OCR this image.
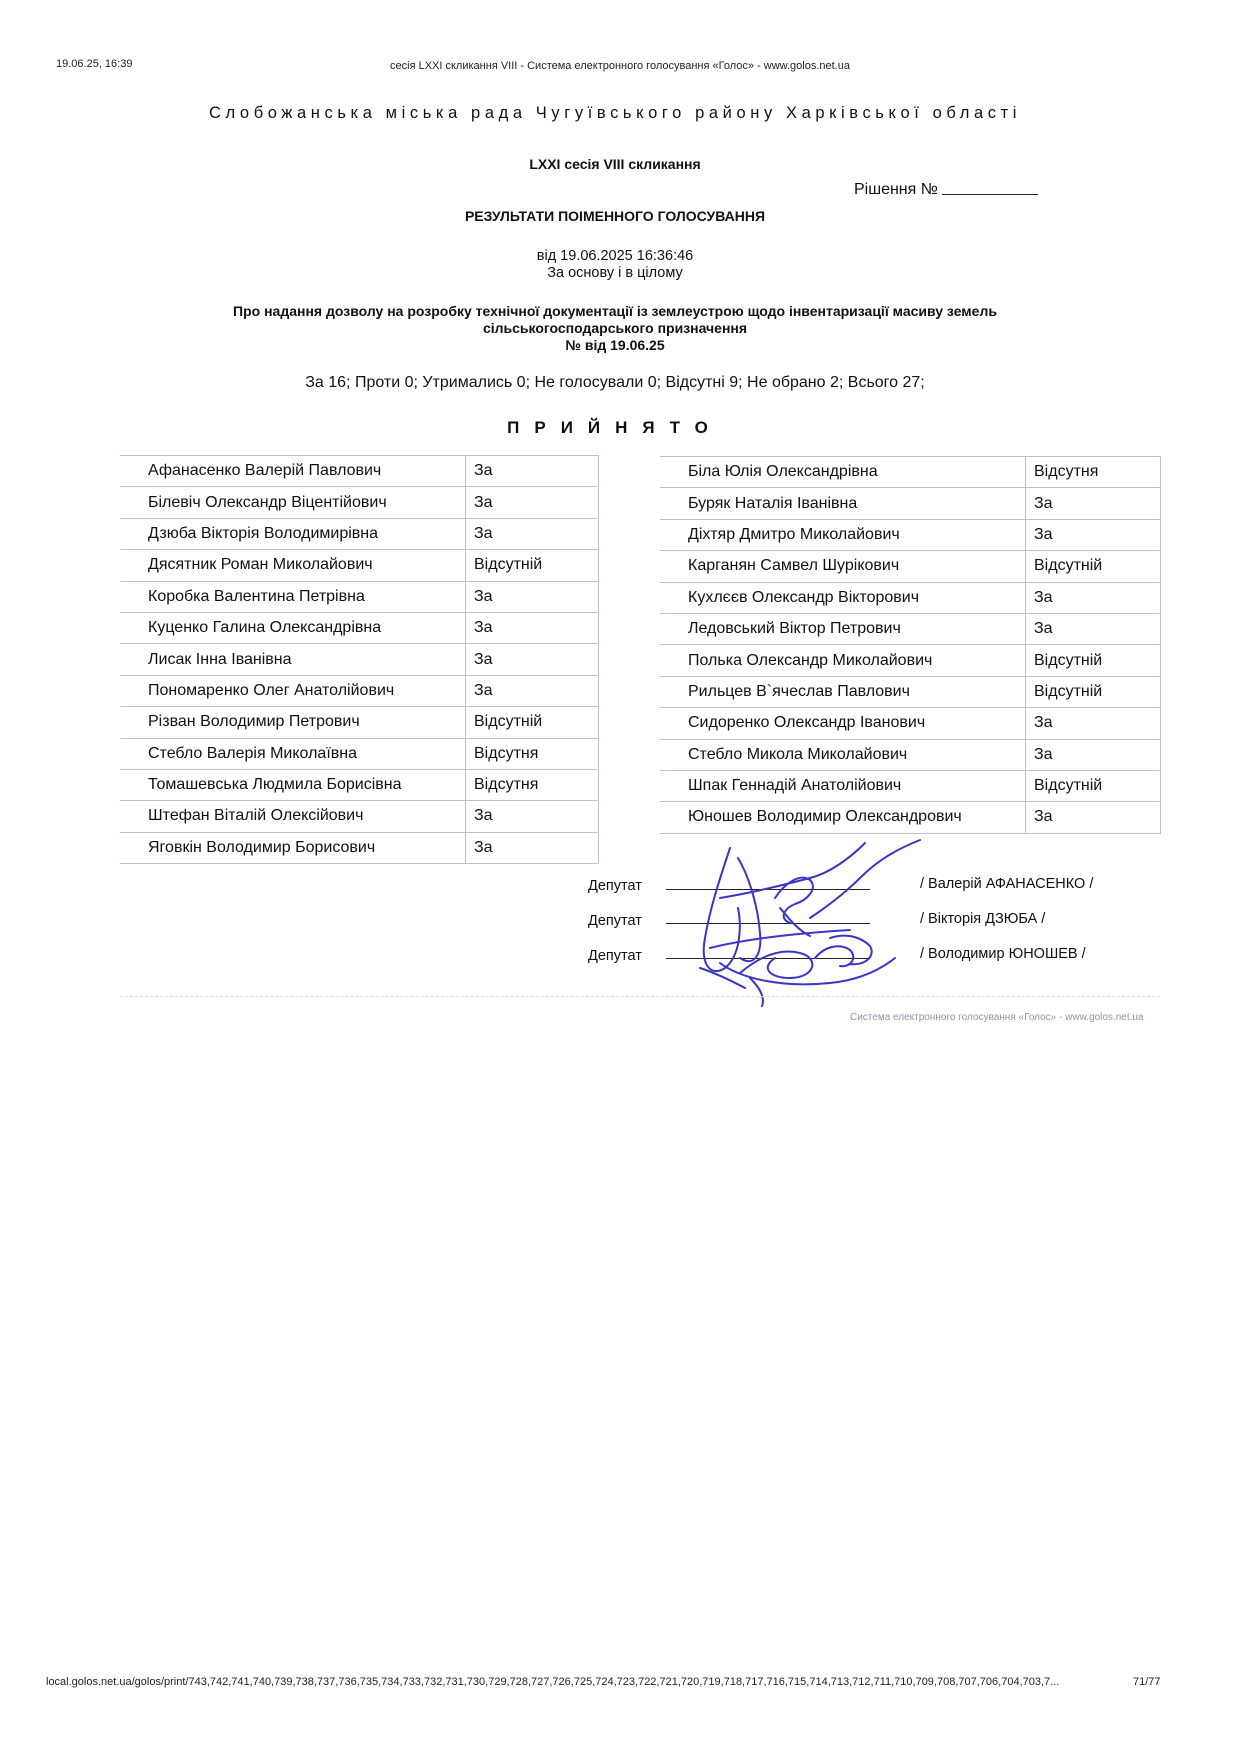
19.06.25, 16:39	сесія LXXI скликання VIII - Система електронного голосування «Голос» - www.golos.net.ua
Слобожанська міська рада Чугуївського району Харківської області
LXXI сесія VIII скликання
Рішення №
РЕЗУЛЬТАТИ ПОІМЕННОГО ГОЛОСУВАННЯ
від 19.06.2025 16:36:46
За основу і в цілому
Про надання дозволу на розробку технічної документації із землеустрою щодо інвентаризації масиву земель сільськогосподарського призначення
№ від 19.06.25
За 16; Проти 0; Утримались 0; Не голосували 0; Відсутні 9; Не обрано 2; Всього 27;
ПРИЙНЯТО
Афанасенко Валерій Павлович	За
Білевіч Олександр Віцентійович	За
Дзюба Вікторія Володимирівна	За
Дясятник Роман Миколайович	Відсутній
Коробка Валентина Петрівна	За
Куценко Галина Олександрівна	За
Лисак Інна Іванівна	За
Пономаренко Олег Анатолійович	За
Різван Володимир Петрович	Відсутній
Стебло Валерія Миколаївна	Відсутня
Томашевська Людмила Борисівна	Відсутня
Штефан Віталій Олексійович	За
Яговкін Володимир Борисович	За
Біла Юлія Олександрівна	Відсутня
Буряк Наталія Іванівна	За
Діхтяр Дмитро Миколайович	За
Карганян Самвел Шурікович	Відсутній
Кухлєєв Олександр Вікторович	За
Ледовський Віктор Петрович	За
Полька Олександр Миколайович	Відсутній
Рильцев В`ячеслав Павлович	Відсутній
Сидоренко Олександр Іванович	За
Стебло Микола Миколайович	За
Шпак Геннадій Анатолійович	Відсутній
Юношев Володимир Олександрович	За
Депутат	/ Валерій АФАНАСЕНКО /
Депутат	/ Вікторія ДЗЮБА /
Депутат	/ Володимир ЮНОШЕВ /
Система електронного голосування «Голос» - www.golos.net.ua
local.golos.net.ua/golos/print/743,742,741,740,739,738,737,736,735,734,733,732,731,730,729,728,727,726,725,724,723,722,721,720,719,718,717,716,715,714,713,712,711,710,709,708,707,706,704,703,7...	71/77
